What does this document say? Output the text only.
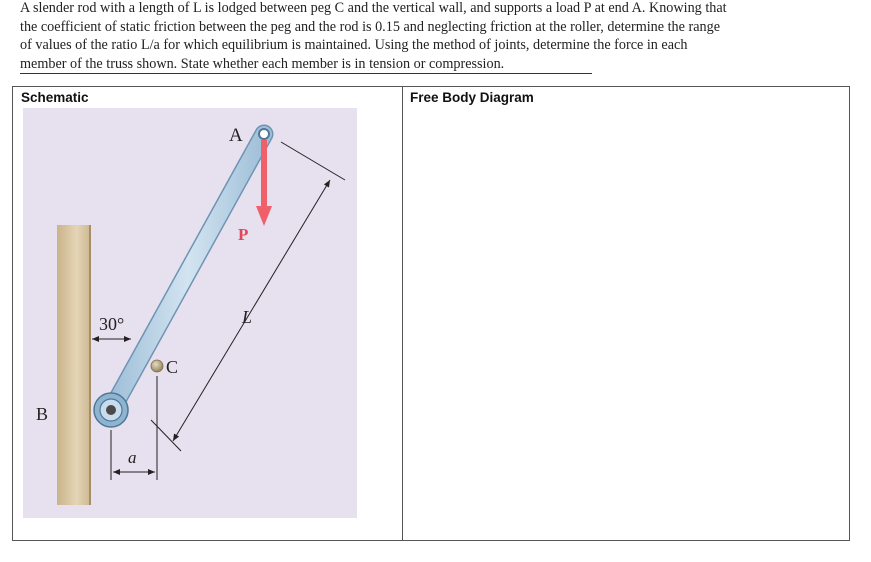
A slender rod with a length of L is lodged between peg C and the vertical wall, and supports a load P at end A. Knowing that
the coefficient of static friction between the peg and the rod is 0.15 and neglecting friction at the roller, determine the range
of values of the ratio L/a for which equilibrium is maintained. Using the method of joints, determine the force in each
member of the truss shown. State whether each member is in tension or compression.
Schematic	Free Body Diagram
A
P
L
30°
C
B
a
